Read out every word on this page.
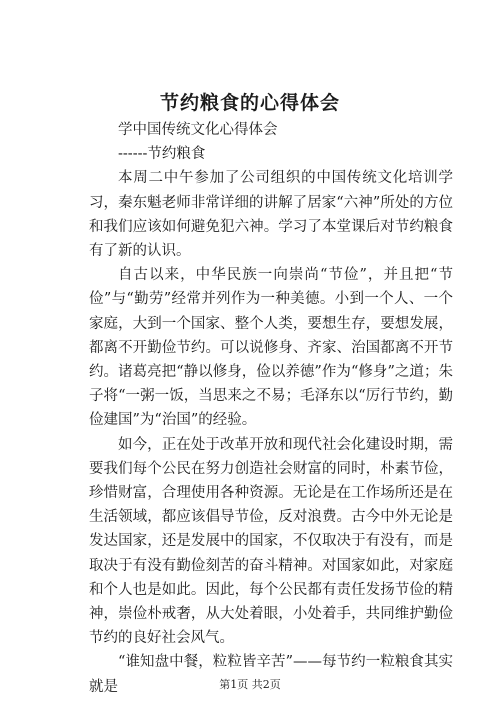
节约粮食的心得体会

学中国传统文化心得体会

------节约粮食

本周二中午参加了公司组织的中国传统文化培训学习，秦东魁老师非常详细的讲解了居家“六神”所处的方位和我们应该如何避免犯六神。学习了本堂课后对节约粮食有了新的认识。

自古以来，中华民族一向崇尚“节俭”，并且把“节俭”与“勤劳”经常并列作为一种美德。小到一个人、一个家庭，大到一个国家、整个人类，要想生存，要想发展，都离不开勤俭节约。可以说修身、齐家、治国都离不开节约。诸葛亮把“静以修身，俭以养德”作为“修身”之道；朱子将“一粥一饭，当思来之不易；毛泽东以“厉行节约，勤俭建国”为“治国”的经验。

如今，正在处于改革开放和现代社会化建设时期，需要我们每个公民在努力创造社会财富的同时，朴素节俭，珍惜财富，合理使用各种资源。无论是在工作场所还是在生活领域，都应该倡导节俭，反对浪费。古今中外无论是发达国家，还是发展中的国家，不仅取决于有没有，而是取决于有没有勤俭刻苦的奋斗精神。对国家如此，对家庭和个人也是如此。因此，每个公民都有责任发扬节俭的精神，崇俭朴戒奢，从大处着眼，小处着手，共同维护勤俭节约的良好社会风气。

“谁知盘中餐，粒粒皆辛苦”——每节约一粒粮食其实就是	第1页 共2页
